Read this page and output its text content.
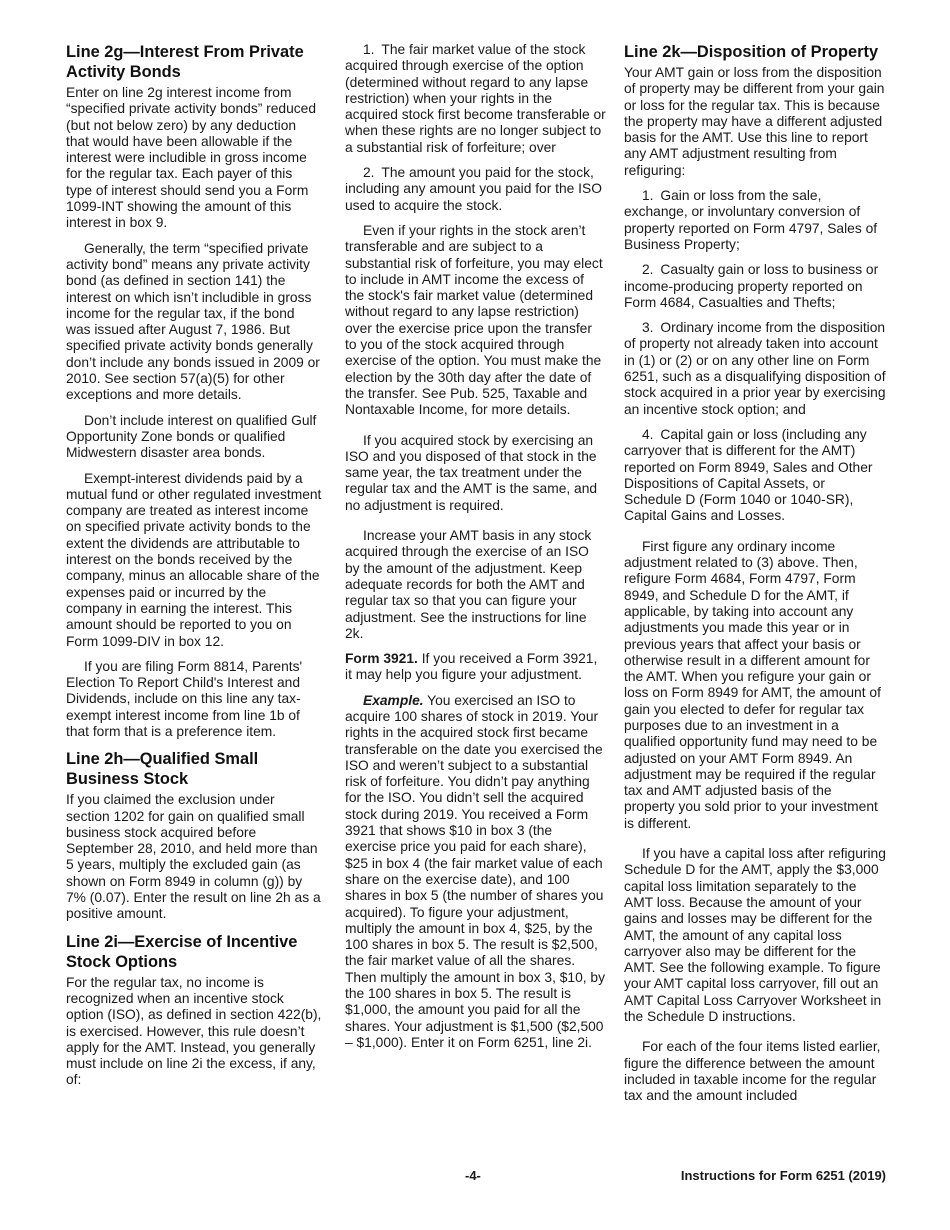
Line 2g—Interest From Private Activity Bonds

Enter on line 2g interest income from “specified private activity bonds” reduced (but not below zero) by any deduction that would have been allowable if the interest were includible in gross income for the regular tax. Each payer of this type of interest should send you a Form 1099-INT showing the amount of this interest in box 9.

Generally, the term “specified private activity bond” means any private activity bond (as defined in section 141) the interest on which isn’t includible in gross income for the regular tax, if the bond was issued after August 7, 1986. But specified private activity bonds generally don’t include any bonds issued in 2009 or 2010. See section 57(a)(5) for other exceptions and more details.

Don’t include interest on qualified Gulf Opportunity Zone bonds or qualified Midwestern disaster area bonds.

Exempt-interest dividends paid by a mutual fund or other regulated investment company are treated as interest income on specified private activity bonds to the extent the dividends are attributable to interest on the bonds received by the company, minus an allocable share of the expenses paid or incurred by the company in earning the interest. This amount should be reported to you on Form 1099-DIV in box 12.

If you are filing Form 8814, Parents' Election To Report Child's Interest and Dividends, include on this line any tax-exempt interest income from line 1b of that form that is a preference item.

Line 2h—Qualified Small Business Stock

If you claimed the exclusion under section 1202 for gain on qualified small business stock acquired before September 28, 2010, and held more than 5 years, multiply the excluded gain (as shown on Form 8949 in column (g)) by 7% (0.07). Enter the result on line 2h as a positive amount.

Line 2i—Exercise of Incentive Stock Options

For the regular tax, no income is recognized when an incentive stock option (ISO), as defined in section 422(b), is exercised. However, this rule doesn’t apply for the AMT. Instead, you generally must include on line 2i the excess, if any, of:

1. The fair market value of the stock acquired through exercise of the option (determined without regard to any lapse restriction) when your rights in the acquired stock first become transferable or when these rights are no longer subject to a substantial risk of forfeiture; over

2. The amount you paid for the stock, including any amount you paid for the ISO used to acquire the stock.

Even if your rights in the stock aren’t transferable and are subject to a substantial risk of forfeiture, you may elect to include in AMT income the excess of the stock's fair market value (determined without regard to any lapse restriction) over the exercise price upon the transfer to you of the stock acquired through exercise of the option. You must make the election by the 30th day after the date of the transfer. See Pub. 525, Taxable and Nontaxable Income, for more details.

If you acquired stock by exercising an ISO and you disposed of that stock in the same year, the tax treatment under the regular tax and the AMT is the same, and no adjustment is required.

Increase your AMT basis in any stock acquired through the exercise of an ISO by the amount of the adjustment. Keep adequate records for both the AMT and regular tax so that you can figure your adjustment. See the instructions for line 2k.

Form 3921. If you received a Form 3921, it may help you figure your adjustment.

Example. You exercised an ISO to acquire 100 shares of stock in 2019. Your rights in the acquired stock first became transferable on the date you exercised the ISO and weren’t subject to a substantial risk of forfeiture. You didn’t pay anything for the ISO. You didn’t sell the acquired stock during 2019. You received a Form 3921 that shows $10 in box 3 (the exercise price you paid for each share), $25 in box 4 (the fair market value of each share on the exercise date), and 100 shares in box 5 (the number of shares you acquired). To figure your adjustment, multiply the amount in box 4, $25, by the 100 shares in box 5. The result is $2,500, the fair market value of all the shares. Then multiply the amount in box 3, $10, by the 100 shares in box 5. The result is $1,000, the amount you paid for all the shares. Your adjustment is $1,500 ($2,500 – $1,000). Enter it on Form 6251, line 2i.

Line 2k—Disposition of Property

Your AMT gain or loss from the disposition of property may be different from your gain or loss for the regular tax. This is because the property may have a different adjusted basis for the AMT. Use this line to report any AMT adjustment resulting from refiguring:

1. Gain or loss from the sale, exchange, or involuntary conversion of property reported on Form 4797, Sales of Business Property;

2. Casualty gain or loss to business or income-producing property reported on Form 4684, Casualties and Thefts;

3. Ordinary income from the disposition of property not already taken into account in (1) or (2) or on any other line on Form 6251, such as a disqualifying disposition of stock acquired in a prior year by exercising an incentive stock option; and

4. Capital gain or loss (including any carryover that is different for the AMT) reported on Form 8949, Sales and Other Dispositions of Capital Assets, or Schedule D (Form 1040 or 1040-SR), Capital Gains and Losses.

First figure any ordinary income adjustment related to (3) above. Then, refigure Form 4684, Form 4797, Form 8949, and Schedule D for the AMT, if applicable, by taking into account any adjustments you made this year or in previous years that affect your basis or otherwise result in a different amount for the AMT. When you refigure your gain or loss on Form 8949 for AMT, the amount of gain you elected to defer for regular tax purposes due to an investment in a qualified opportunity fund may need to be adjusted on your AMT Form 8949. An adjustment may be required if the regular tax and AMT adjusted basis of the property you sold prior to your investment is different.

If you have a capital loss after refiguring Schedule D for the AMT, apply the $3,000 capital loss limitation separately to the AMT loss. Because the amount of your gains and losses may be different for the AMT, the amount of any capital loss carryover also may be different for the AMT. See the following example. To figure your AMT capital loss carryover, fill out an AMT Capital Loss Carryover Worksheet in the Schedule D instructions.

For each of the four items listed earlier, figure the difference between the amount included in taxable income for the regular tax and the amount included

-4-	Instructions for Form 6251 (2019)
